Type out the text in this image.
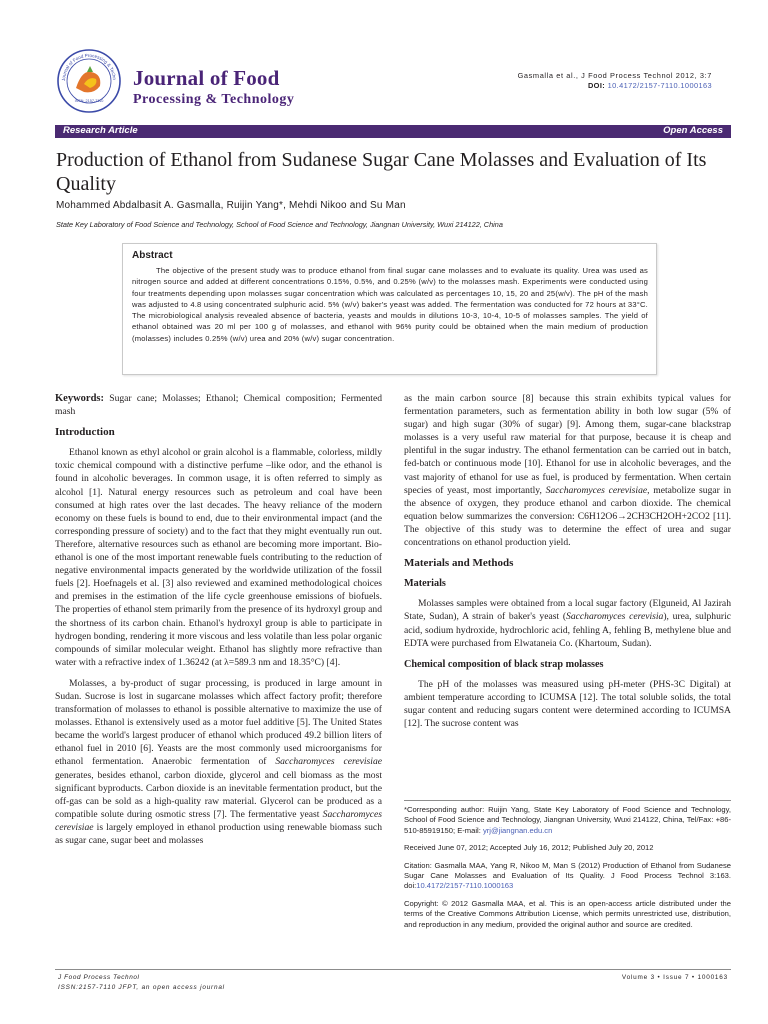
Journal of Food Processing & Techn
ISSN: 2157-7110
Journal of Food
Processing & Technology
Gasmalla et al., J Food Process Technol 2012, 3:7
DOI: 10.4172/2157-7110.1000163
Research Article	Open Access
Production of Ethanol from Sudanese Sugar Cane Molasses and Evaluation of Its Quality
Mohammed Abdalbasit A. Gasmalla, Ruijin Yang*, Mehdi Nikoo and Su Man
State Key Laboratory of Food Science and Technology, School of Food Science and Technology, Jiangnan University, Wuxi 214122, China
Abstract

The objective of the present study was to produce ethanol from final sugar cane molasses and to evaluate its quality. Urea was used as nitrogen source and added at different concentrations 0.15%, 0.5%, and 0.25% (w/v) to the molasses mash. Experiments were conducted using four treatments depending upon molasses sugar concentration which was calculated as percentages 10, 15, 20 and 25(w/v). The pH of the mash was adjusted to 4.8 using concentrated sulphuric acid. 5% (w/v) baker's yeast was added. The fermentation was conducted for 72 hours at 33°C. The microbiological analysis revealed absence of bacteria, yeasts and moulds in dilutions 10-3, 10-4, 10-5 of molasses samples. The yield of ethanol obtained was 20 ml per 100 g of molasses, and ethanol with 96% purity could be obtained when the main medium of production (molasses) includes 0.25% (w/v) urea and 20% (w/v) sugar concentration.

Keywords: Sugar cane; Molasses; Ethanol; Chemical composition; Fermented mash

Introduction

Ethanol known as ethyl alcohol or grain alcohol is a flammable, colorless, mildly toxic chemical compound with a distinctive perfume –like odor, and the ethanol is found in alcoholic beverages. In common usage, it is often referred to simply as alcohol [1]. Natural energy resources such as petroleum and coal have been consumed at high rates over the last decades. The heavy reliance of the modern economy on these fuels is bound to end, due to their environmental impact (and the corresponding pressure of society) and to the fact that they might eventually run out. Therefore, alternative resources such as ethanol are becoming more important. Bio-ethanol is one of the most important renewable fuels contributing to the reduction of negative environmental impacts generated by the worldwide utilization of the fossil fuels [2]. Hoefnagels et al. [3] also reviewed and examined methodological choices and premises in the estimation of the life cycle greenhouse emissions of biofuels. The properties of ethanol stem primarily from the presence of its hydroxyl group and the shortness of its carbon chain. Ethanol's hydroxyl group is able to participate in hydrogen bonding, rendering it more viscous and less volatile than less polar organic compounds of similar molecular weight. Ethanol has slightly more refractive than water with a refractive index of 1.36242 (at λ=589.3 nm and 18.35°C) [4].

Molasses, a by-product of sugar processing, is produced in large amount in Sudan. Sucrose is lost in sugarcane molasses which affect factory profit; therefore transformation of molasses to ethanol is possible alternative to maximize the use of molasses. Ethanol is extensively used as a motor fuel additive [5]. The United States became the world's largest producer of ethanol which produced 49.2 billion liters of ethanol fuel in 2010 [6]. Yeasts are the most commonly used microorganisms for ethanol fermentation. Anaerobic fermentation of Saccharomyces cerevisiae generates, besides ethanol, carbon dioxide, glycerol and cell biomass as the most significant byproducts. Carbon dioxide is an inevitable fermentation product, but the off-gas can be sold as a high-quality raw material. Glycerol can be produced as a compatible solute during osmotic stress [7]. The fermentative yeast Saccharomyces cerevisiae is largely employed in ethanol production using renewable biomass such as sugar cane, sugar beet and molasses

as the main carbon source [8] because this strain exhibits typical values for fermentation parameters, such as fermentation ability in both low sugar (5% of sugar) and high sugar (30% of sugar) [9]. Among them, sugar-cane blackstrap molasses is a very useful raw material for that purpose, because it is cheap and plentiful in the sugar industry. The ethanol fermentation can be carried out in batch, fed-batch or continuous mode [10]. Ethanol for use in alcoholic beverages, and the vast majority of ethanol for use as fuel, is produced by fermentation. When certain species of yeast, most importantly, Saccharomyces cerevisiae, metabolize sugar in the absence of oxygen, they produce ethanol and carbon dioxide. The chemical equation below summarizes the conversion: C6H12O6→2CH3CH2OH+2CO2 [11]. The objective of this study was to determine the effect of urea and sugar concentrations on ethanol production yield.

Materials and Methods
Materials

Molasses samples were obtained from a local sugar factory (Elguneid, Al Jazirah State, Sudan), A strain of baker's yeast (Saccharomyces cerevisia), urea, sulphuric acid, sodium hydroxide, hydrochloric acid, fehling A, fehling B, methylene blue and EDTA were purchased from Elwataneia Co. (Khartoum, Sudan).

Chemical composition of black strap molasses

The pH of the molasses was measured using pH-meter (PHS-3C Digital) at ambient temperature according to ICUMSA [12]. The total soluble solids, the total sugar content and reducing sugars content were determined according to ICUMSA [12]. The sucrose content was

*Corresponding author: Ruijin Yang, State Key Laboratory of Food Science and Technology, School of Food Science and Technology, Jiangnan University, Wuxi 214122, China, Tel/Fax: +86-510-85919150; E-mail: yrj@jiangnan.edu.cn

Received June 07, 2012; Accepted July 16, 2012; Published July 20, 2012

Citation: Gasmalla MAA, Yang R, Nikoo M, Man S (2012) Production of Ethanol from Sudanese Sugar Cane Molasses and Evaluation of Its Quality. J Food Process Technol 3:163. doi:10.4172/2157-7110.1000163

Copyright: © 2012 Gasmalla MAA, et al. This is an open-access article distributed under the terms of the Creative Commons Attribution License, which permits unrestricted use, distribution, and reproduction in any medium, provided the original author and source are credited.

J Food Process Technol
ISSN:2157-7110 JFPT, an open access journal
Volume 3 • Issue 7 • 1000163
